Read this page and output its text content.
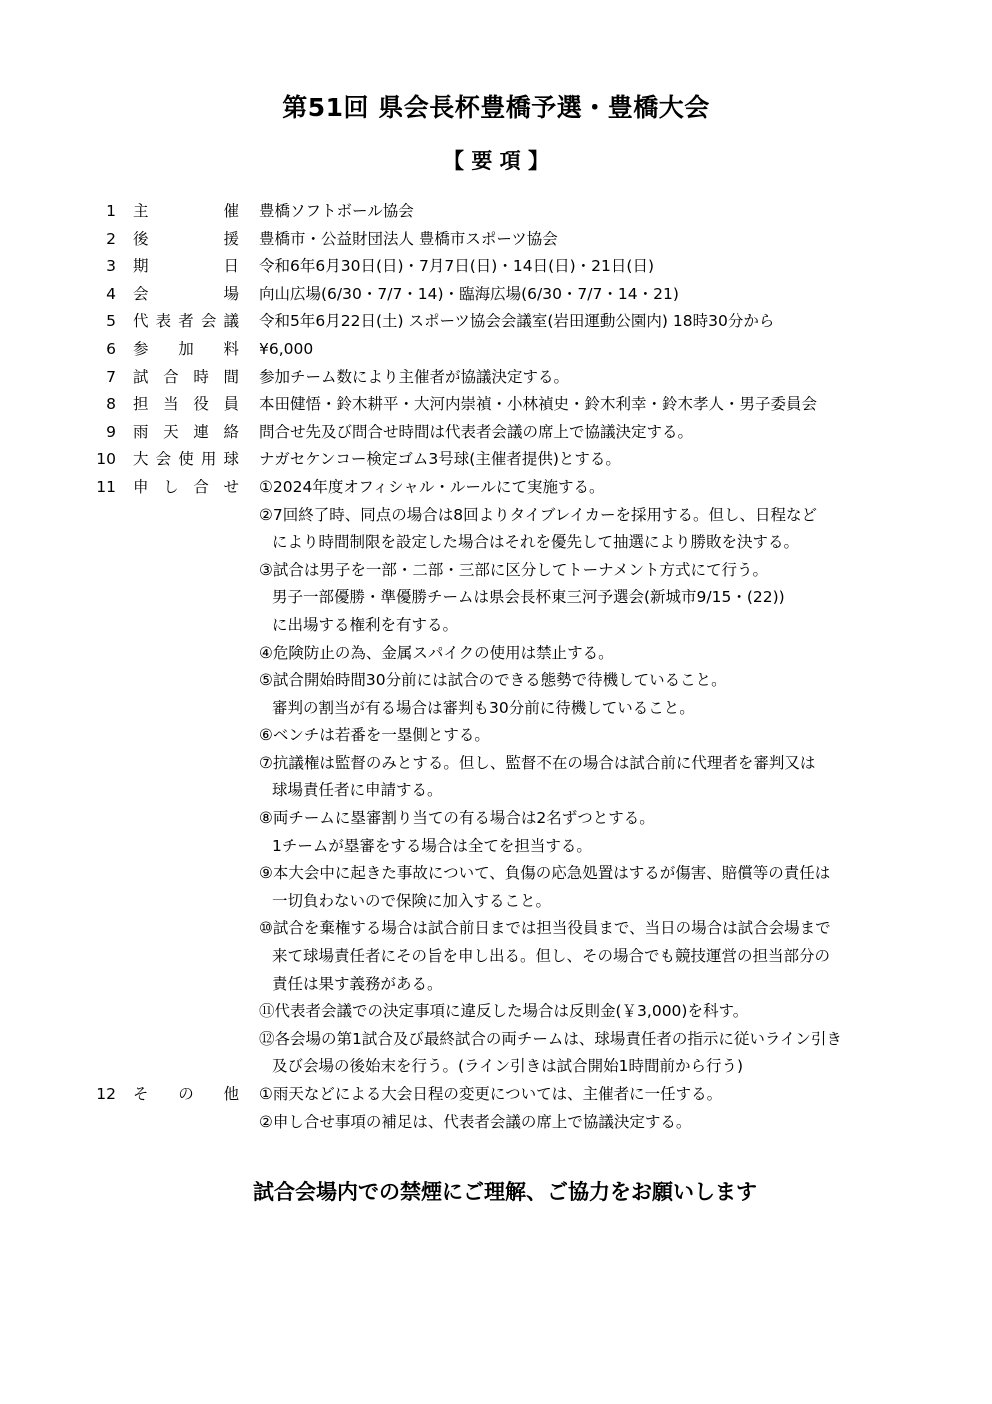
第51回 県会長杯豊橋予選・豊橋大会
【 要 項 】
1 主	催 豊橋ソフトボール協会
2 後	援 豊橋市・公益財団法人 豊橋市スポーツ協会
3 期	日 令和6年6月30日(日)・7月7日(日)・14日(日)・21日(日)
4 会	場 向山広場(6/30・7/7・14)・臨海広場(6/30・7/7・14・21)
5 代 表 者 会 議 令和5年6月22日(土) スポーツ協会会議室(岩田運動公園内) 18時30分から
6 参 加 料 ¥6,000
7 試 合 時 間 参加チーム数により主催者が協議決定する。
8 担 当 役 員 本田健悟・鈴木耕平・大河内崇禎・小林禎史・鈴木利幸・鈴木孝人・男子委員会
9 雨 天 連 絡 問合せ先及び問合せ時間は代表者会議の席上で協議決定する。
10 大 会 使 用 球 ナガセケンコー検定ゴム3号球(主催者提供)とする。
11 申 し 合 せ ①2024年度オフィシャル・ルールにて実施する。
②7回終了時、同点の場合は8回よりタイブレイカーを採用する。但し、日程など
により時間制限を設定した場合はそれを優先して抽選により勝敗を決する。
③試合は男子を一部・二部・三部に区分してトーナメント方式にて行う。
男子一部優勝・準優勝チームは県会長杯東三河予選会(新城市9/15・(22))
に出場する権利を有する。
④危険防止の為、金属スパイクの使用は禁止する。
⑤試合開始時間30分前には試合のできる態勢で待機していること。
審判の割当が有る場合は審判も30分前に待機していること。
⑥ベンチは若番を一塁側とする。
⑦抗議権は監督のみとする。但し、監督不在の場合は試合前に代理者を審判又は
球場責任者に申請する。
⑧両チームに塁審割り当ての有る場合は2名ずつとする。
1チームが塁審をする場合は全てを担当する。
⑨本大会中に起きた事故について、負傷の応急処置はするが傷害、賠償等の責任は
一切負わないので保険に加入すること。
⑩試合を棄権する場合は試合前日までは担当役員まで、当日の場合は試合会場まで
来て球場責任者にその旨を申し出る。但し、その場合でも競技運営の担当部分の
責任は果す義務がある。
⑪代表者会議での決定事項に違反した場合は反則金(￥3,000)を科す。
⑫各会場の第1試合及び最終試合の両チームは、球場責任者の指示に従いライン引き
及び会場の後始末を行う。(ライン引きは試合開始1時間前から行う)
12 そ の 他 ①雨天などによる大会日程の変更については、主催者に一任する。
②申し合せ事項の補足は、代表者会議の席上で協議決定する。
試合会場内での禁煙にご理解、ご協力をお願いします
